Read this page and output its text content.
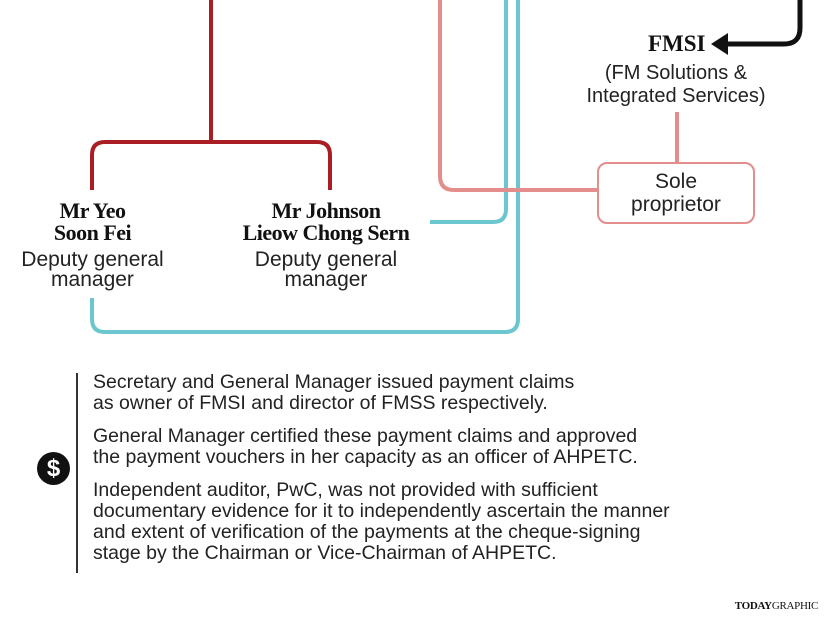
FMSI
(FM Solutions &
Integrated Services)
Sole
proprietor
Mr Yeo
Soon Fei
Deputy general
manager
Mr Johnson
Lieow Chong Sern
Deputy general
manager
$
Secretary and General Manager issued payment claims
as owner of FMSI and director of FMSS respectively.
General Manager certified these payment claims and approved
the payment vouchers in her capacity as an officer of AHPETC.
Independent auditor, PwC, was not provided with sufficient
documentary evidence for it to independently ascertain the manner
and extent of verification of the payments at the cheque-signing
stage by the Chairman or Vice-Chairman of AHPETC.
TODAYGRAPHIC
